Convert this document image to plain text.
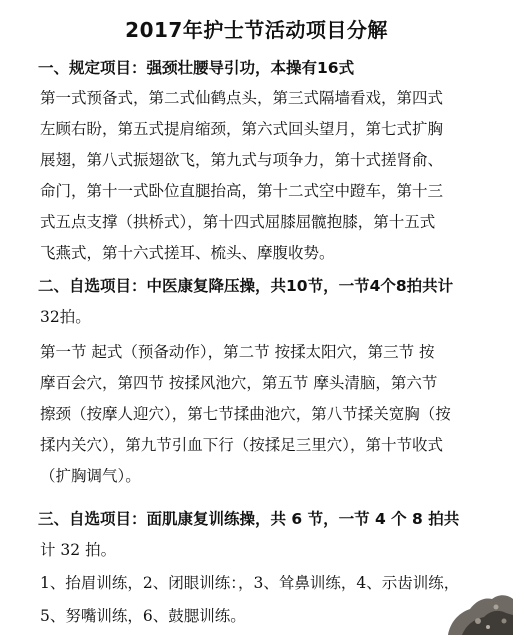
2017年护士节活动项目分解
一、规定项目：强颈壮腰导引功，本操有16式
第一式预备式，第二式仙鹤点头，第三式隔墙看戏，第四式
左顾右盼，第五式提肩缩颈，第六式回头望月，第七式扩胸
展翅，第八式振翅欲飞，第九式与项争力，第十式搓肾俞、
命门，第十一式卧位直腿抬高，第十二式空中蹬车，第十三
式五点支撑（拱桥式），第十四式屈膝屈髋抱膝，第十五式
飞燕式，第十六式搓耳、梳头、摩腹收势。
二、自选项目：中医康复降压操，共10节，一节4个8拍共计
32拍。
第一节 起式（预备动作），第二节 按揉太阳穴，第三节 按
摩百会穴，第四节 按揉风池穴，第五节 摩头清脑，第六节
擦颈（按摩人迎穴），第七节揉曲池穴，第八节揉关宽胸（按
揉内关穴），第九节引血下行（按揉足三里穴），第十节收式
（扩胸调气）。
三、自选项目：面肌康复训练操，共 6 节，一节 4 个 8 拍共
计 32 拍。
1、抬眉训练，2、闭眼训练：，3、耸鼻训练，4、示齿训练，
5、努嘴训练，6、鼓腮训练。
